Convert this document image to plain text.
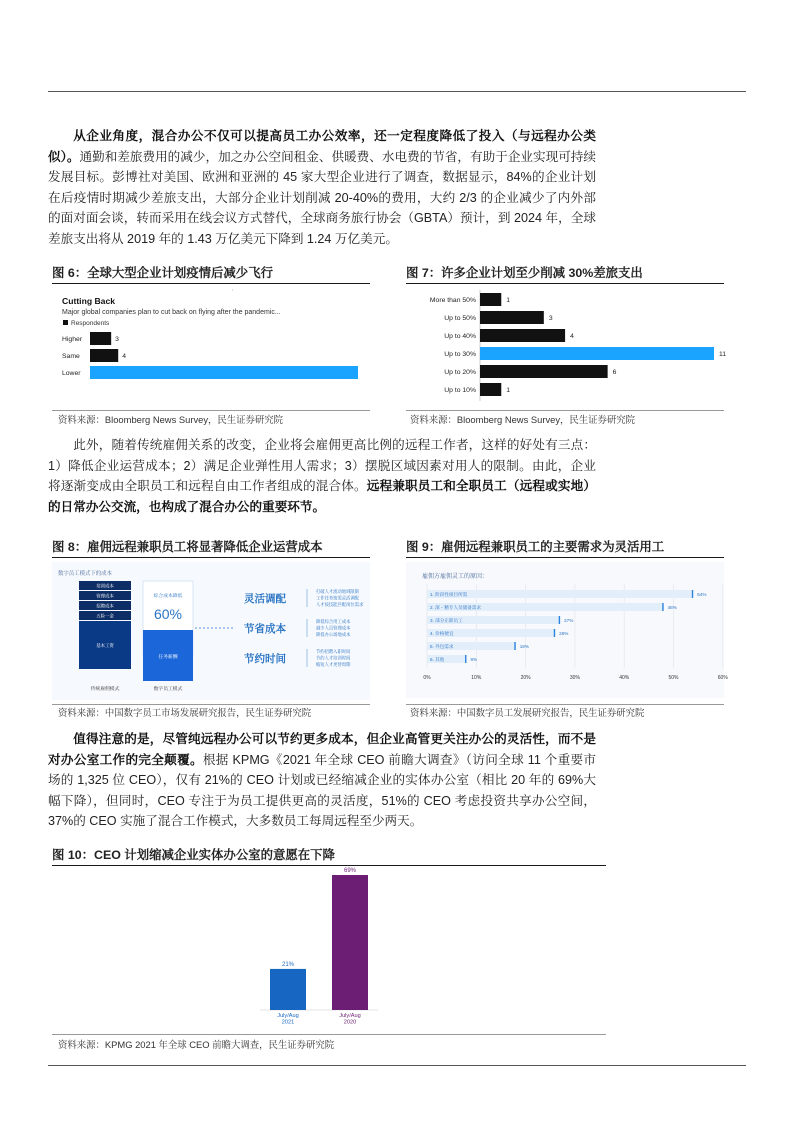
从企业角度，混合办公不仅可以提高员工办公效率，还一定程度降低了投入（与远程办公类似）。通勤和差旅费用的减少，加之办公空间租金、供暖费、水电费的节省，有助于企业实现可持续发展目标。彭博社对美国、欧洲和亚洲的 45 家大型企业进行了调查，数据显示，84%的企业计划在后疫情时期减少差旅支出，大部分企业计划削减 20-40%的费用，大约 2/3 的企业减少了内外部的面对面会谈，转而采用在线会议方式替代，全球商务旅行协会（GBTA）预计，到 2024 年，全球差旅支出将从 2019 年的 1.43 万亿美元下降到 1.24 万亿美元。

图 6：全球大型企业计划疫情后减少飞行
Cutting Back
Major global companies plan to cut back on flying after the pandemic...
Respondents
Higher	3
Same	4
Lower
资料来源：Bloomberg News Survey，民生证券研究院
图 7：许多企业计划至少削减 30%差旅支出
More than 50%	1
Up to 50%	3
Up to 40%	4
Up to 30%	11
Up to 20%	6
Up to 10%	1
资料来源：Bloomberg News Survey，民生证券研究院

此外，随着传统雇佣关系的改变，企业将会雇佣更高比例的远程工作者，这样的好处有三点：1）降低企业运营成本；2）满足企业弹性用人需求；3）摆脱区域因素对用人的限制。由此，企业将逐渐变成由全职员工和远程自由工作者组成的混合体。远程兼职员工和全职员工（远程或实地）的日常办公交流，也构成了混合办公的重要环节。

图 8：雇佣远程兼职员工将显著降低企业运营成本
数字员工模式下的成本
培训成本
管理成本
招聘成本
五险一金
基本工资
传统雇佣模式
综合成本降低
60%
任务薪酬
数字员工模式
灵活调配
打破人才流动地域限制
工作任务按需灵活调配
人才按技能匹配岗位需求
节省成本
降低综合用工成本
减少人员管理成本
降低办公场地成本
节约时间
节约招聘入职时间
节约人才培训时间
缩短人才更替周期
资料来源：中国数字员工市场发展研究报告，民生证券研究院
图 9：雇佣远程兼职员工的主要需求为灵活用工
雇佣方雇佣灵工的原因：
0%	10%	20%	30%	40%	50%	60%
1. 阶段性项目所需	54%
2. 深・精专人员储备需求	48%
3. 部分正职员工	27%
4. 价格便宜	26%
5. 外包需求	18%
6. 其他	8%
资料来源：中国数字员工发展研究报告，民生证券研究院

值得注意的是，尽管纯远程办公可以节约更多成本，但企业高管更关注办公的灵活性，而不是对办公室工作的完全颠覆。根据 KPMG《2021 年全球 CEO 前瞻大调查》（访问全球 11 个重要市场的 1,325 位 CEO），仅有 21%的 CEO 计划或已经缩减企业的实体办公室（相比 20 年的 69%大幅下降），但同时，CEO 专注于为员工提供更高的灵活度，51%的 CEO 考虑投资共享办公空间，37%的 CEO 实施了混合工作模式，大多数员工每周远程至少两天。

图 10：CEO 计划缩减企业实体办公室的意愿在下降
21%
July/Aug
2021
69%
July/Aug
2020
资料来源：KPMG 2021 年全球 CEO 前瞻大调查，民生证券研究院
